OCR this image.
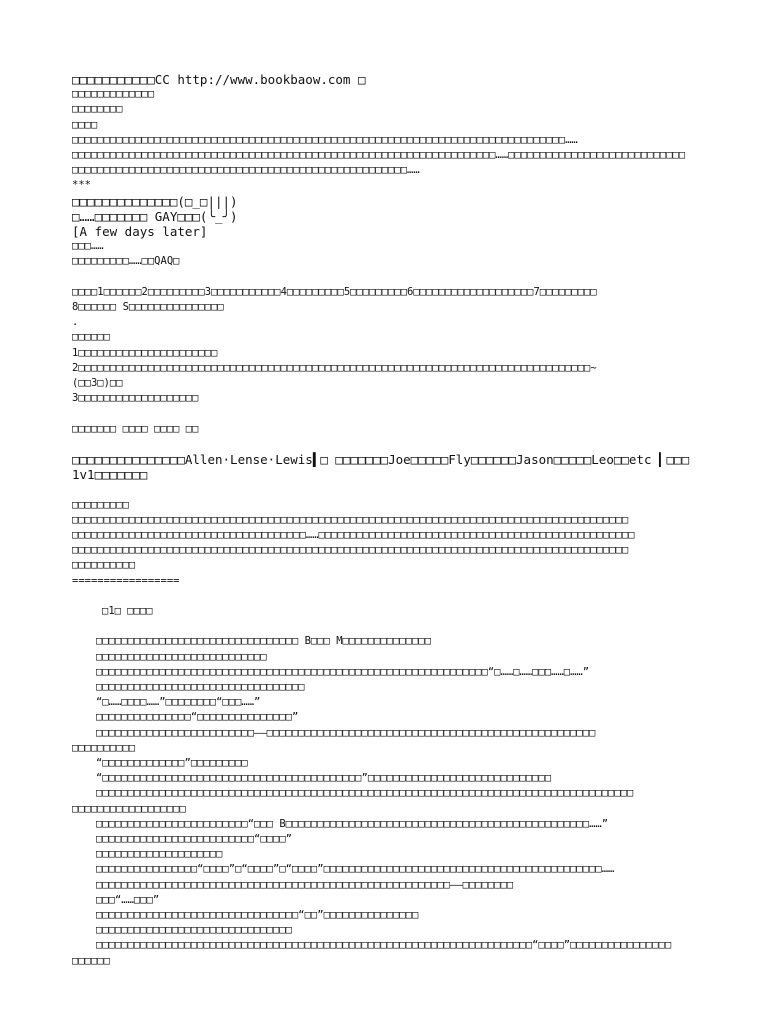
□□□□□□□□□□□CC http://www.bookbaow.com □
□□□□□□□□□□□□□
□□□□□□□□
□□□□
□□□□□□□□□□□□□□□□□□□□□□□□□□□□□□□□□□□□□□□□□□□□□□□□□□□□□□□□□□□□□□□□□□□□□□□□□□□□□□……
□□□□□□□□□□□□□□□□□□□□□□□□□□□□□□□□□□□□□□□□□□□□□□□□□□□□□□□□□□□□□□□□□□□……□□□□□□□□□□□□□□□□□□□□□□□□□□□□
□□□□□□□□□□□□□□□□□□□□□□□□□□□□□□□□□□□□□□□□□□□□□□□□□□□□□……
***
□□□□□□□□□□□□□□(□_□|||)
□……□□□□□□□ GAY□□□(╰_╯)
[A few days later]
□□□……
□□□□□□□□□……□□QAQ□
□□□□1□□□□□□2□□□□□□□□□3□□□□□□□□□□□4□□□□□□□□□5□□□□□□□□□6□□□□□□□□□□□□□□□□□□□7□□□□□□□□□
8□□□□□□ S□□□□□□□□□□□□□□□
.
□□□□□□
1□□□□□□□□□□□□□□□□□□□□□□
2□□□□□□□□□□□□□□□□□□□□□□□□□□□□□□□□□□□□□□□□□□□□□□□□□□□□□□□□□□□□□□□□□□□□□□□□□□□□□□□□□~
(□□3□)□□
3□□□□□□□□□□□□□□□□□□□
□□□□□□□ □□□□ □□□□ □□
□□□□□□□□□□□□□□□Allen·Lense·Lewis▍□ □□□□□□□Joe□□□□□Fly□□□□□□Jason□□□□□Leo□□etc ▎□□□
1v1□□□□□□□
□□□□□□□□□
□□□□□□□□□□□□□□□□□□□□□□□□□□□□□□□□□□□□□□□□□□□□□□□□□□□□□□□□□□□□□□□□□□□□□□□□□□□□□□□□□□□□□□□□
□□□□□□□□□□□□□□□□□□□□□□□□□□□□□□□□□□□□□……□□□□□□□□□□□□□□□□□□□□□□□□□□□□□□□□□□□□□□□□□□□□□□□□□□
□□□□□□□□□□□□□□□□□□□□□□□□□□□□□□□□□□□□□□□□□□□□□□□□□□□□□□□□□□□□□□□□□□□□□□□□□□□□□□□□□□□□□□□□
□□□□□□□□□□
=================
□1□ □□□□
□□□□□□□□□□□□□□□□□□□□□□□□□□□□□□□□ B□□□ M□□□□□□□□□□□□□□
□□□□□□□□□□□□□□□□□□□□□□□□□□□
□□□□□□□□□□□□□□□□□□□□□□□□□□□□□□□□□□□□□□□□□□□□□□□□□□□□□□□□□□□□□□“□……□……□□□……□……”
□□□□□□□□□□□□□□□□□□□□□□□□□□□□□□□□□
“□……□□□□……”□□□□□□□□“□□□……”
□□□□□□□□□□□□□□□“□□□□□□□□□□□□□□□”
□□□□□□□□□□□□□□□□□□□□□□□□□——□□□□□□□□□□□□□□□□□□□□□□□□□□□□□□□□□□□□□□□□□□□□□□□□□□□□
□□□□□□□□□□
“□□□□□□□□□□□□□”□□□□□□□□□
“□□□□□□□□□□□□□□□□□□□□□□□□□□□□□□□□□□□□□□□□□”□□□□□□□□□□□□□□□□□□□□□□□□□□□□□
□□□□□□□□□□□□□□□□□□□□□□□□□□□□□□□□□□□□□□□□□□□□□□□□□□□□□□□□□□□□□□□□□□□□□□□□□□□□□□□□□□□□□
□□□□□□□□□□□□□□□□□□
□□□□□□□□□□□□□□□□□□□□□□□□“□□□ B□□□□□□□□□□□□□□□□□□□□□□□□□□□□□□□□□□□□□□□□□□□□□□□□……”
□□□□□□□□□□□□□□□□□□□□□□□□□“□□□□”
□□□□□□□□□□□□□□□□□□□□
□□□□□□□□□□□□□□□□“□□□□”□“□□□□”□“□□□□”□□□□□□□□□□□□□□□□□□□□□□□□□□□□□□□□□□□□□□□□□□□□……
□□□□□□□□□□□□□□□□□□□□□□□□□□□□□□□□□□□□□□□□□□□□□□□□□□□□□□□□——□□□□□□□□
□□□“……□□□”
□□□□□□□□□□□□□□□□□□□□□□□□□□□□□□□□“□□”□□□□□□□□□□□□□□□
□□□□□□□□□□□□□□□□□□□□□□□□□□□□□□□
□□□□□□□□□□□□□□□□□□□□□□□□□□□□□□□□□□□□□□□□□□□□□□□□□□□□□□□□□□□□□□□□□□□□□“□□□□”□□□□□□□□□□□□□□□□
□□□□□□
